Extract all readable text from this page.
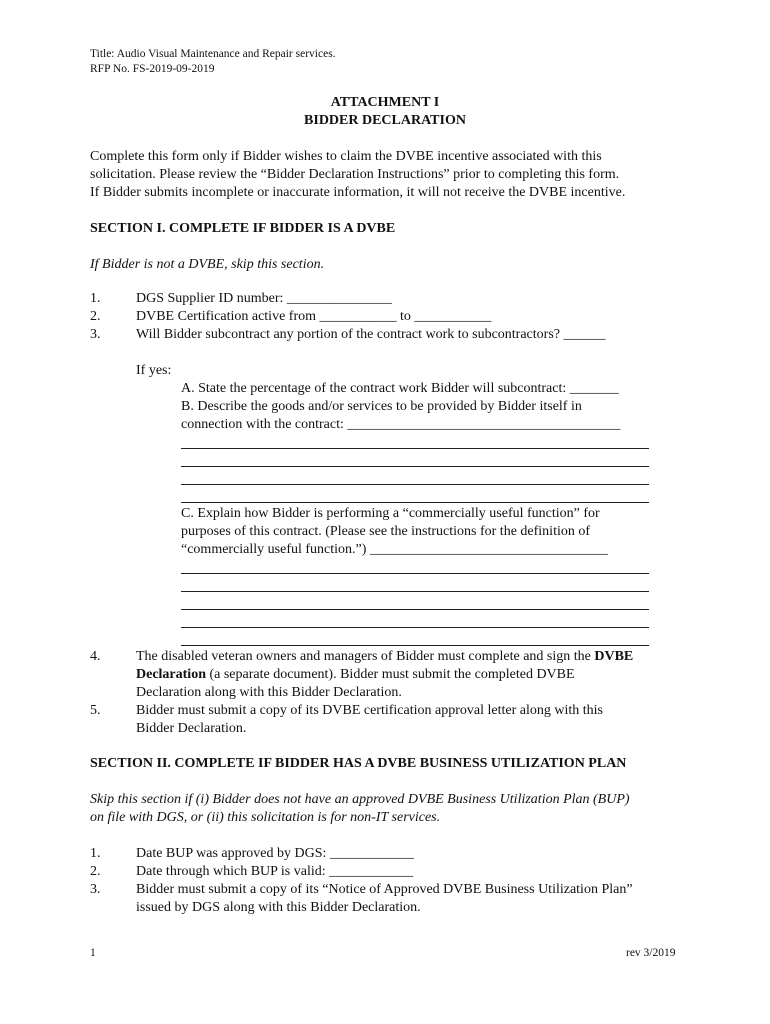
Title: Audio Visual Maintenance and Repair services.
RFP No. FS-2019-09-2019
ATTACHMENT I
BIDDER DECLARATION
Complete this form only if Bidder wishes to claim the DVBE incentive associated with this
solicitation. Please review the “Bidder Declaration Instructions” prior to completing this form.
If Bidder submits incomplete or inaccurate information, it will not receive the DVBE incentive.
SECTION I. COMPLETE IF BIDDER IS A DVBE
If Bidder is not a DVBE, skip this section.
1.	DGS Supplier ID number: _______________
2.	DVBE Certification active from ___________ to ___________
3.	Will Bidder subcontract any portion of the contract work to subcontractors? ______
If yes:
A. State the percentage of the contract work Bidder will subcontract: _______
B. Describe the goods and/or services to be provided by Bidder itself in
connection with the contract: _______________________________________
C. Explain how Bidder is performing a “commercially useful function” for
purposes of this contract. (Please see the instructions for the definition of
“commercially useful function.”) __________________________________
4.	The disabled veteran owners and managers of Bidder must complete and sign the DVBE
Declaration (a separate document). Bidder must submit the completed DVBE
Declaration along with this Bidder Declaration.
5.	Bidder must submit a copy of its DVBE certification approval letter along with this
Bidder Declaration.
SECTION II. COMPLETE IF BIDDER HAS A DVBE BUSINESS UTILIZATION PLAN
Skip this section if (i) Bidder does not have an approved DVBE Business Utilization Plan (BUP)
on file with DGS, or (ii) this solicitation is for non-IT services.
1.	Date BUP was approved by DGS: ____________
2.	Date through which BUP is valid: ____________
3.	Bidder must submit a copy of its “Notice of Approved DVBE Business Utilization Plan”
issued by DGS along with this Bidder Declaration.
1	rev 3/2019
